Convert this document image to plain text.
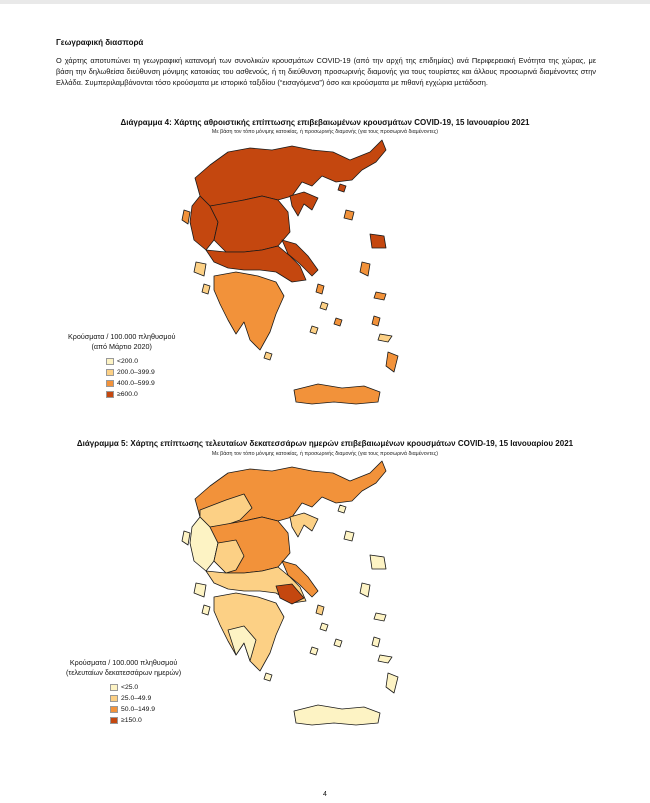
Γεωγραφική διασπορά

Ο χάρτης αποτυπώνει τη γεωγραφική κατανομή των συνολικών κρουσμάτων COVID-19 (από την αρχή της επιδημίας) ανά Περιφερειακή Ενότητα της χώρας, με βάση την δηλωθείσα διεύθυνση μόνιμης κατοικίας του ασθενούς, ή τη διεύθυνση προσωρινής διαμονής για τους τουρίστες και άλλους προσωρινά διαμένοντες στην Ελλάδα. Συμπεριλαμβάνονται τόσο κρούσματα με ιστορικό ταξιδίου (“εισαγόμενα”) όσο και κρούσματα με πιθανή εγχώρια μετάδοση.

Διάγραμμα 4: Χάρτης αθροιστικής επίπτωσης επιβεβαιωμένων κρουσμάτων COVID-19, 15 Ιανουαρίου 2021
Με βάση τον τόπο μόνιμης κατοικίας, ή προσωρινής διαμονής (για τους προσωρινά διαμένοντες)
Κρούσματα / 100.000 πληθυσμού
(από Μάρτιο 2020)
<200.0
200.0–399.9
400.0–599.9
≥600.0
Διάγραμμα 5: Χάρτης επίπτωσης τελευταίων δεκατεσσάρων ημερών επιβεβαιωμένων κρουσμάτων COVID-19, 15 Ιανουαρίου 2021
Με βάση τον τόπο μόνιμης κατοικίας, ή προσωρινής διαμονής (για τους προσωρινά διαμένοντες)
Κρούσματα / 100.000 πληθυσμού
(τελευταίων δεκατεσσάρων ημερών)
<25.0
25.0–49.9
50.0–149.9
≥150.0
4
